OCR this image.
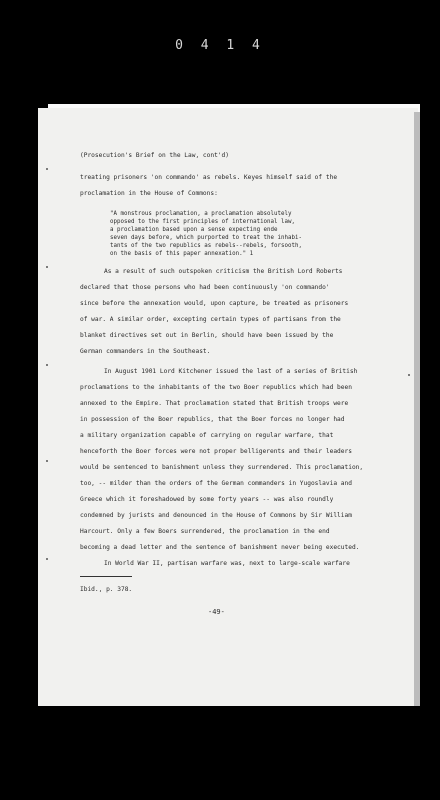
0 4 1 4
(Prosecution's Brief on the Law, cont'd)
treating prisoners 'on commando' as rebels. Keyes himself said of the
proclamation in the House of Commons:
"A monstrous proclamation, a proclamation absolutely
opposed to the first principles of international law,
a proclamation based upon a sense expecting ende
seven days before, which purported to treat the inhabi-
tants of the two republics as rebels--rebels, forsooth,
on the basis of this paper annexation." 1
As a result of such outspoken criticism the British Lord Roberts
declared that those persons who had been continuously 'on commando'
since before the annexation would, upon capture, be treated as prisoners
of war. A similar order, excepting certain types of partisans from the
blanket directives set out in Berlin, should have been issued by the
German commanders in the Southeast.
In August 1901 Lord Kitchener issued the last of a series of British
proclamations to the inhabitants of the two Boer republics which had been
annexed to the Empire. That proclamation stated that British troops were
in possession of the Boer republics, that the Boer forces no longer had
a military organization capable of carrying on regular warfare, that
henceforth the Boer forces were not proper belligerents and their leaders
would be sentenced to banishment unless they surrendered. This proclamation,
too, -- milder than the orders of the German commanders in Yugoslavia and
Greece which it foreshadowed by some forty years -- was also roundly
condemned by jurists and denounced in the House of Commons by Sir William
Harcourt. Only a few Boers surrendered, the proclamation in the end
becoming a dead letter and the sentence of banishment never being executed.
In World War II, partisan warfare was, next to large-scale warfare
Ibid., p. 378.
-49-
